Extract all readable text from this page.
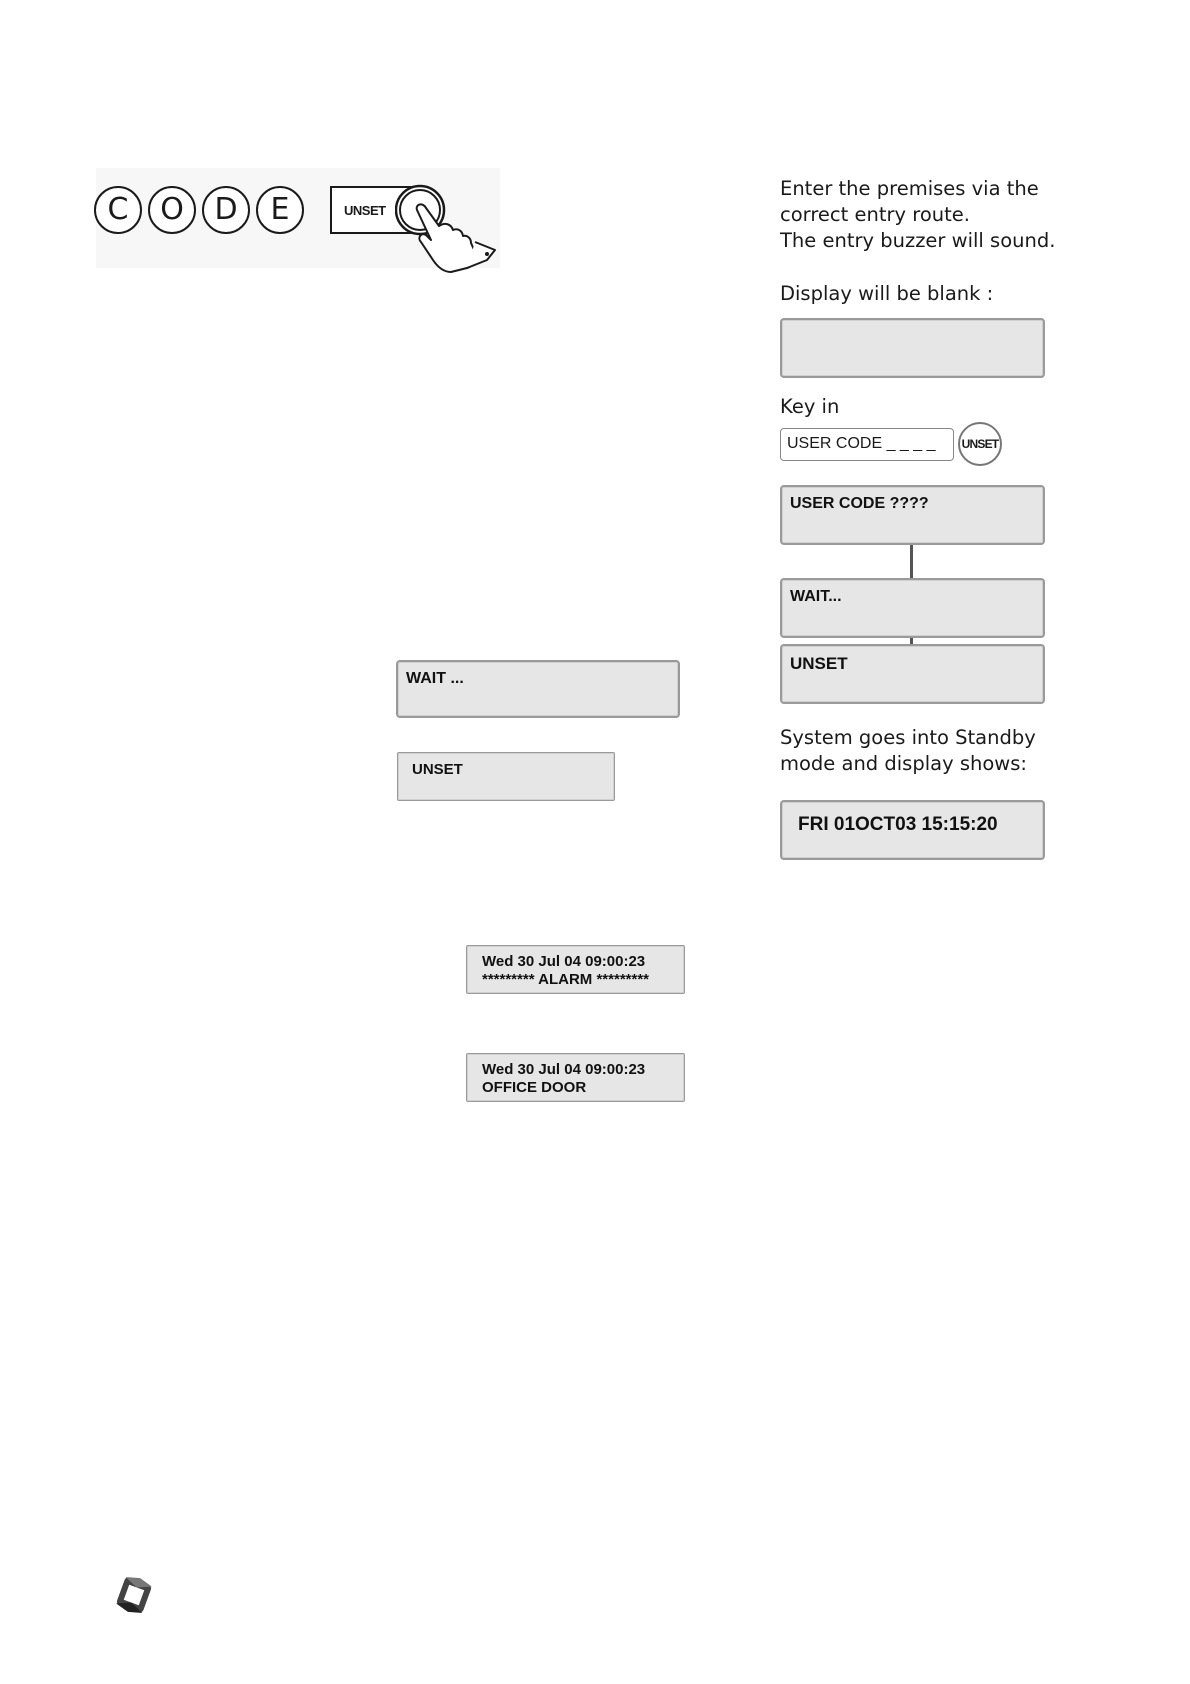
C	O	D	E	UNSET
WAIT ...
UNSET
Wed 30 Jul 04 09:00:23
********* ALARM *********
Wed 30 Jul 04 09:00:23
OFFICE DOOR
Enter the premises via the
correct entry route.
The entry buzzer will sound.
Display will be blank :
Key in
USER CODE _ _ _ _	UNSET
USER CODE ????
WAIT...
UNSET
System goes into Standby
mode and display shows:
FRI 01OCT03 15:15:20
